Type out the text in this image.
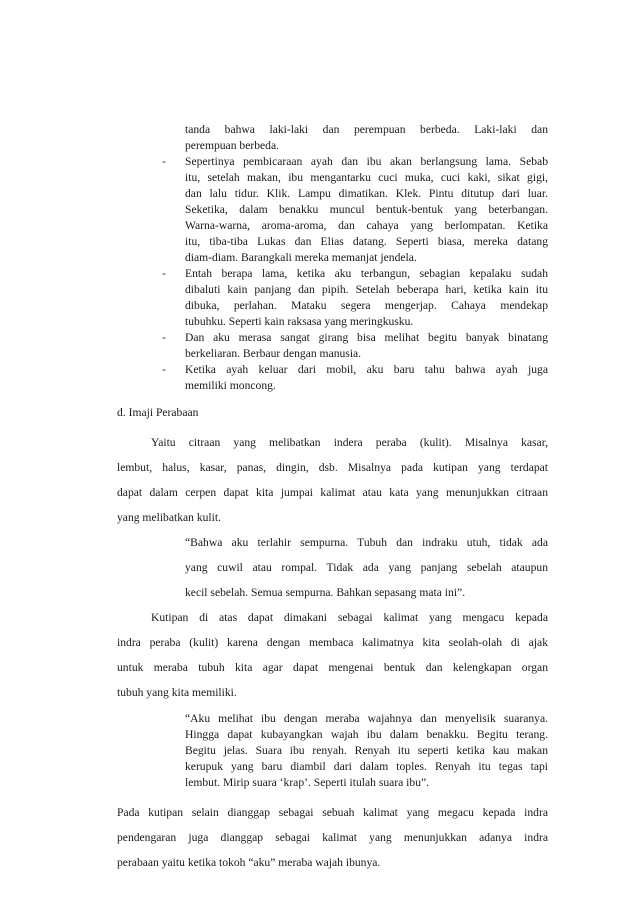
tanda bahwa laki-laki dan perempuan berbeda. Laki-laki dan
perempuan berbeda.
- Sepertinya pembicaraan ayah dan ibu akan berlangsung lama. Sebab
itu, setelah makan, ibu mengantarku cuci muka, cuci kaki, sikat gigi,
dan lalu tidur. Klik. Lampu dimatikan. Klek. Pintu ditutup dari luar.
Seketika, dalam benakku muncul bentuk-bentuk yang beterbangan.
Warna-warna, aroma-aroma, dan cahaya yang berlompatan. Ketika
itu, tiba-tiba Lukas dan Elias datang. Seperti biasa, mereka datang
diam-diam. Barangkali mereka memanjat jendela.
- Entah berapa lama, ketika aku terbangun, sebagian kepalaku sudah
dibaluti kain panjang dan pipih. Setelah beberapa hari, ketika kain itu
dibuka, perlahan. Mataku segera mengerjap. Cahaya mendekap
tubuhku. Seperti kain raksasa yang meringkusku.
- Dan aku merasa sangat girang bisa melihat begitu banyak binatang
berkeliaran. Berbaur dengan manusia.
- Ketika ayah keluar dari mobil, aku baru tahu bahwa ayah juga
memiliki moncong.
d. Imaji Perabaan
Yaitu citraan yang melibatkan indera peraba (kulit). Misalnya kasar,
lembut, halus, kasar, panas, dingin, dsb. Misalnya pada kutipan yang terdapat
dapat dalam cerpen dapat kita jumpai kalimat atau kata yang menunjukkan citraan
yang melibatkan kulit.
“Bahwa aku terlahir sempurna. Tubuh dan indraku utuh, tidak ada
yang cuwil atau rompal. Tidak ada yang panjang sebelah ataupun
kecil sebelah. Semua sempurna. Bahkan sepasang mata ini”.
Kutipan di atas dapat dimakani sebagai kalimat yang mengacu kepada
indra peraba (kulit) karena dengan membaca kalimatnya kita seolah-olah di ajak
untuk meraba tubuh kita agar dapat mengenai bentuk dan kelengkapan organ
tubuh yang kita memiliki.
“Aku melihat ibu dengan meraba wajahnya dan menyelisik suaranya.
Hingga dapat kubayangkan wajah ibu dalam benakku. Begitu terang.
Begitu jelas. Suara ibu renyah. Renyah itu seperti ketika kau makan
kerupuk yang baru diambil dari dalam toples. Renyah itu tegas tapi
lembut. Mirip suara ‘krap’. Seperti itulah suara ibu”.
Pada kutipan selain dianggap sebagai sebuah kalimat yang megacu kepada indra
pendengaran juga dianggap sebagai kalimat yang menunjukkan adanya indra
perabaan yaitu ketika tokoh “aku” meraba wajah ibunya.
